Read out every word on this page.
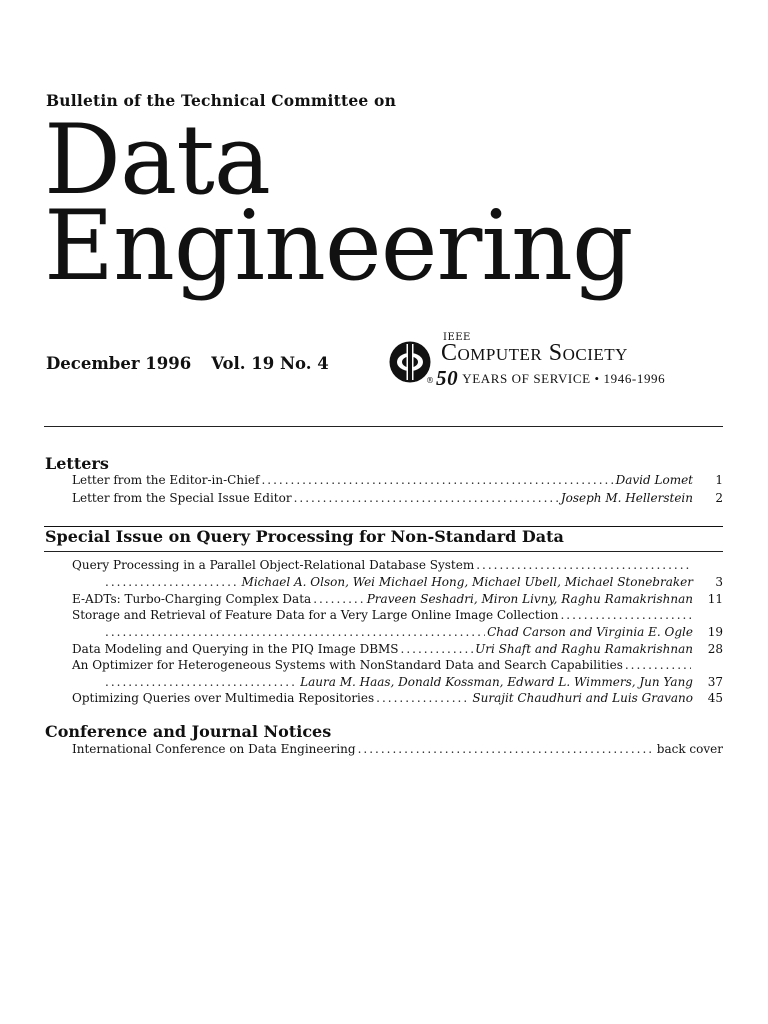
Bulletin of the Technical Committee on
Data
Engineering
December 1996 Vol. 19 No. 4
®
IEEE
Computer Society
50 YEARS OF SERVICE • 1946-1996
Letters
Letter from the Editor-in-Chief .....	David Lomet	1
Letter from the Special Issue Editor .....	Joseph M. Hellerstein	2
Special Issue on Query Processing for Non-Standard Data
Query Processing in a Parallel Object-Relational Database System
.....
.....
Michael A. Olson, Wei Michael Hong, Michael Ubell, Michael Stonebraker	3
E-ADTs: Turbo-Charging Complex Data .....	Praveen Seshadri, Miron Livny, Raghu Ramakrishnan	11
Storage and Retrieval of Feature Data for a Very Large Online Image Collection
.....
.....
Chad Carson and Virginia E. Ogle	19
Data Modeling and Querying in the PIQ Image DBMS .....	Uri Shaft and Raghu Ramakrishnan	28
An Optimizer for Heterogeneous Systems with NonStandard Data and Search Capabilities
.....
.....
Laura M. Haas, Donald Kossman, Edward L. Wimmers, Jun Yang	37
Optimizing Queries over Multimedia Repositories .....	Surajit Chaudhuri and Luis Gravano	45
Conference and Journal Notices
International Conference on Data Engineering .....	back cover
